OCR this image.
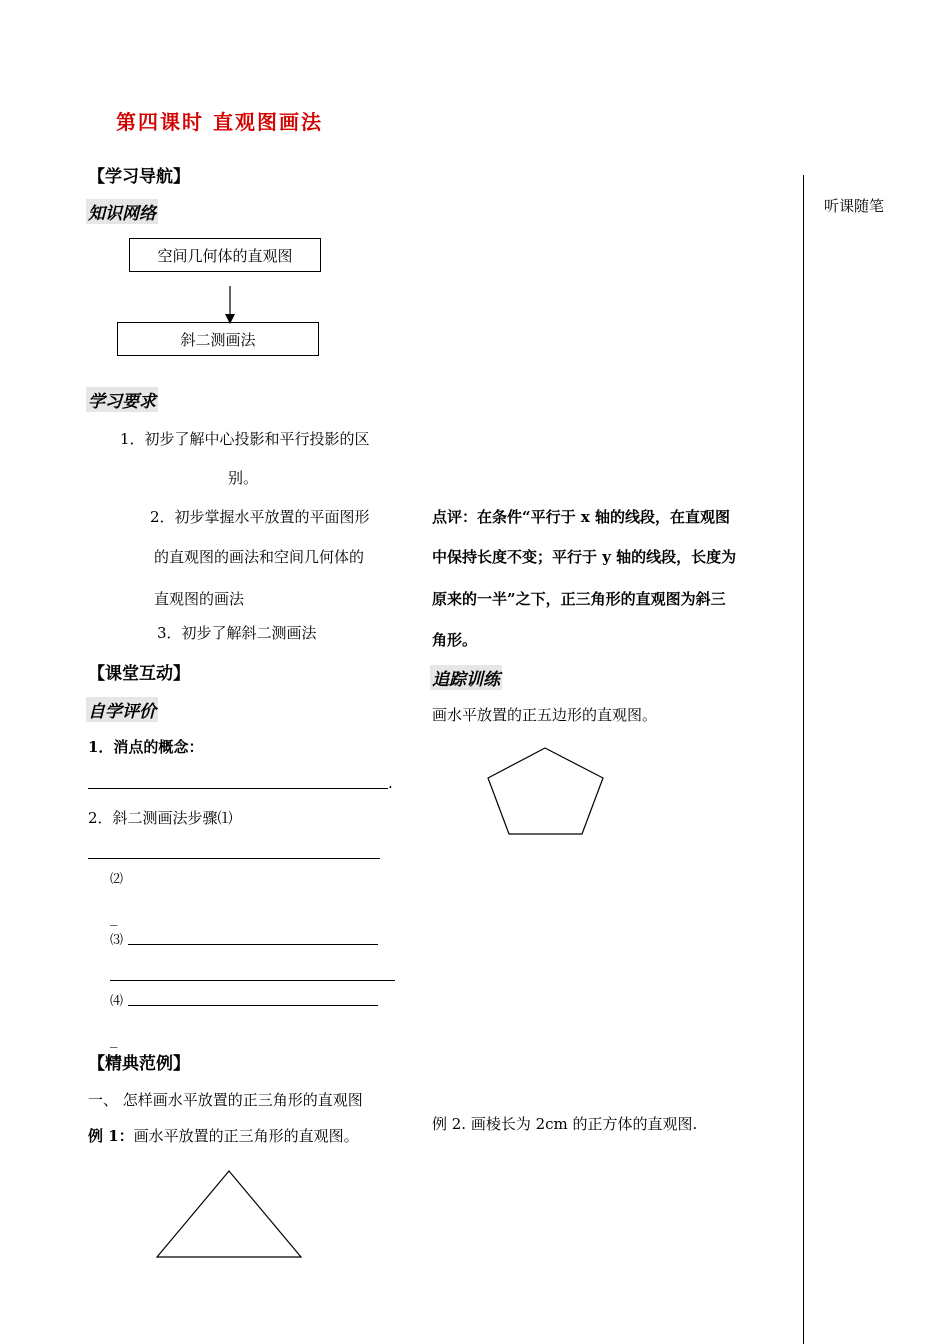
第四课时 直观图画法
听课随笔
【学习导航】
知识网络
空间几何体的直观图
斜二测画法
学习要求
1．初步了解中心投影和平行投影的区
别。
2．初步掌握水平放置的平面图形
的直观图的画法和空间几何体的
直观图的画法
3．初步了解斜二测画法
【课堂互动】
自学评价
1．消点的概念：
.
2．斜二测画法步骤⑴
⑵
_
⑶
⑷
_
【精典范例】
一、 怎样画水平放置的正三角形的直观图
例 1：画水平放置的正三角形的直观图。
点评：在条件“平行于 x 轴的线段，在直观图
中保持长度不变；平行于 y 轴的线段，长度为
原来的一半”之下，正三角形的直观图为斜三
角形。
追踪训练
画水平放置的正五边形的直观图。
例 2. 画棱长为 2cm 的正方体的直观图.
